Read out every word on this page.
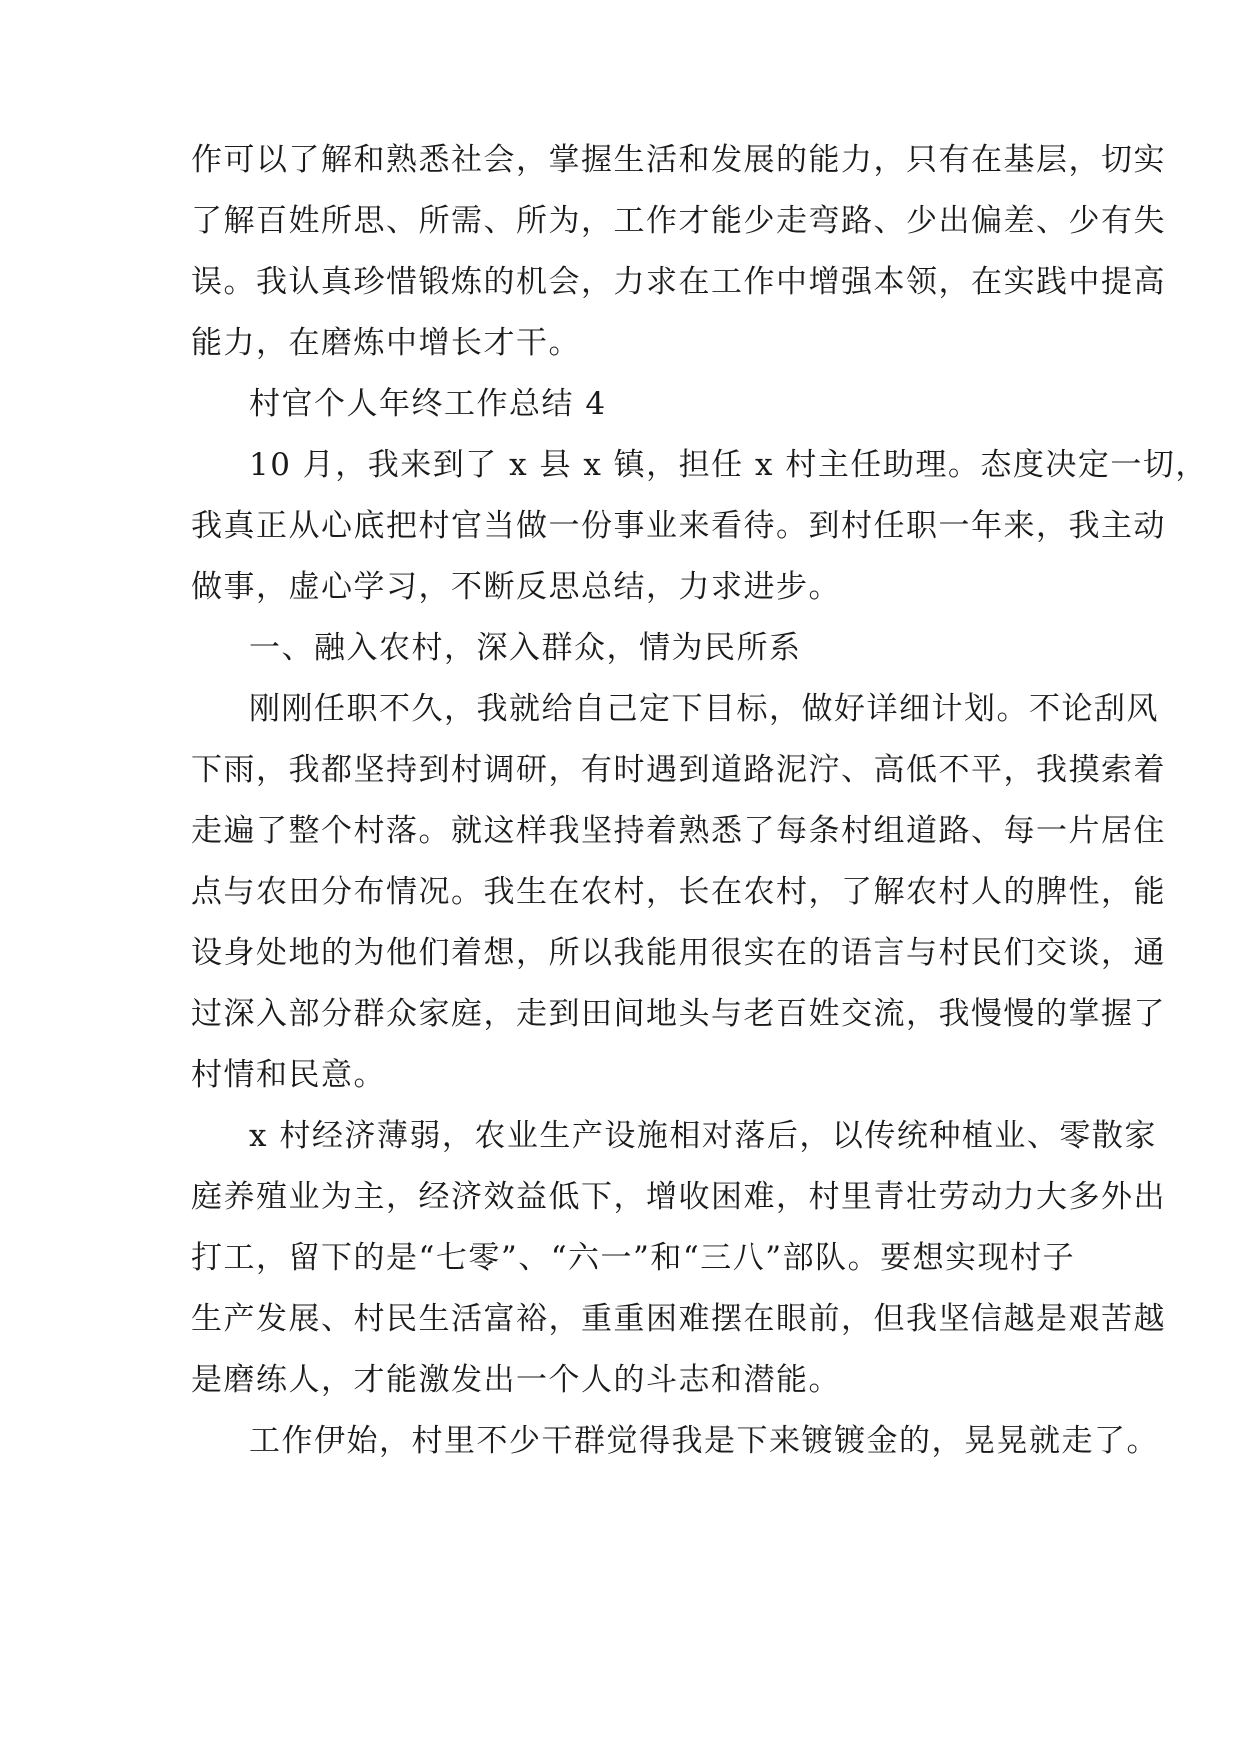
作可以了解和熟悉社会，掌握生活和发展的能力，只有在基层，切实
了解百姓所思、所需、所为，工作才能少走弯路、少出偏差、少有失
误。我认真珍惜锻炼的机会，力求在工作中增强本领，在实践中提高
能力，在磨炼中增长才干。
村官个人年终工作总结 4
10 月，我来到了 x 县 x 镇，担任 x 村主任助理。态度决定一切，
我真正从心底把村官当做一份事业来看待。到村任职一年来，我主动
做事，虚心学习，不断反思总结，力求进步。
一、融入农村，深入群众，情为民所系
刚刚任职不久，我就给自己定下目标，做好详细计划。不论刮风
下雨，我都坚持到村调研，有时遇到道路泥泞、高低不平，我摸索着
走遍了整个村落。就这样我坚持着熟悉了每条村组道路、每一片居住
点与农田分布情况。我生在农村，长在农村，了解农村人的脾性，能
设身处地的为他们着想，所以我能用很实在的语言与村民们交谈，通
过深入部分群众家庭，走到田间地头与老百姓交流，我慢慢的掌握了
村情和民意。
x 村经济薄弱，农业生产设施相对落后，以传统种植业、零散家
庭养殖业为主，经济效益低下，增收困难，村里青壮劳动力大多外出
打工，留下的是“七零”、“六一”和“三八”部队。要想实现村子
生产发展、村民生活富裕，重重困难摆在眼前，但我坚信越是艰苦越
是磨练人，才能激发出一个人的斗志和潜能。
工作伊始，村里不少干群觉得我是下来镀镀金的，晃晃就走了。
